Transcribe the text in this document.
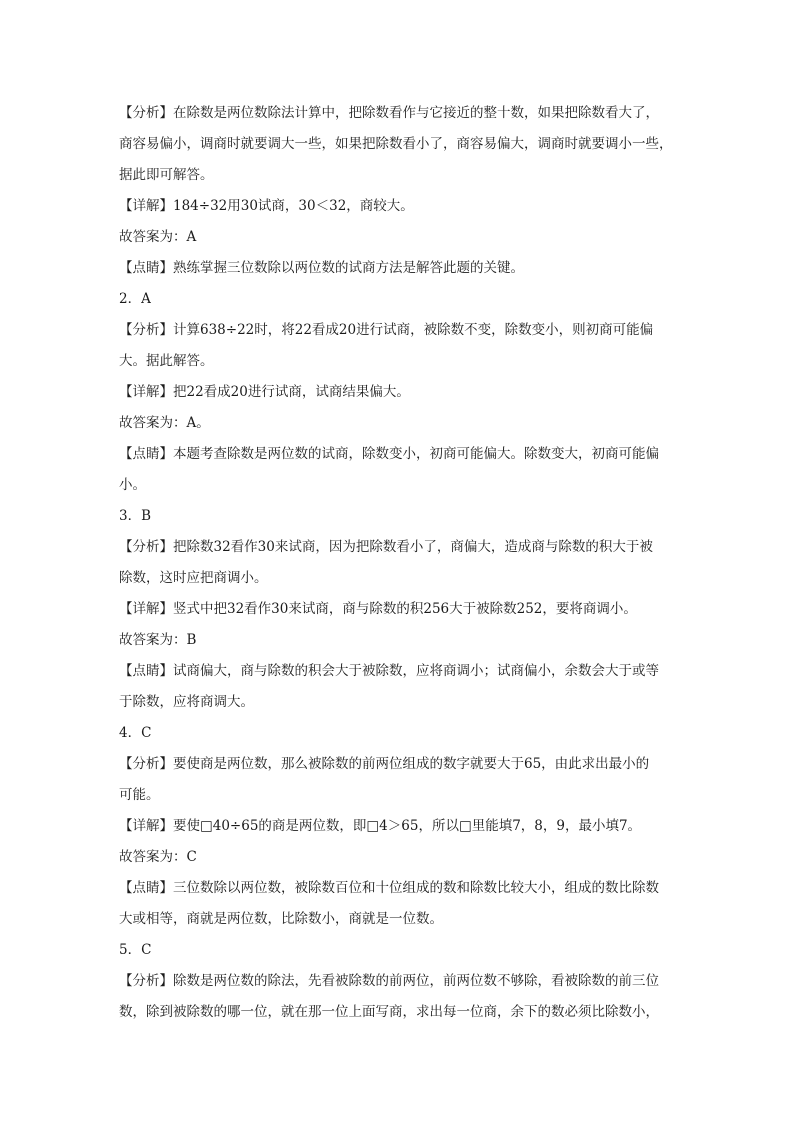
【分析】在除数是两位数除法计算中，把除数看作与它接近的整十数，如果把除数看大了，
商容易偏小，调商时就要调大一些，如果把除数看小了，商容易偏大，调商时就要调小一些，
据此即可解答。
【详解】184÷32用30试商，30＜32，商较大。
故答案为：A
【点睛】熟练掌握三位数除以两位数的试商方法是解答此题的关键。
2．A
【分析】计算638÷22时，将22看成20进行试商，被除数不变，除数变小，则初商可能偏
大。据此解答。
【详解】把22看成20进行试商，试商结果偏大。
故答案为：A。
【点睛】本题考查除数是两位数的试商，除数变小，初商可能偏大。除数变大，初商可能偏
小。
3．B
【分析】把除数32看作30来试商，因为把除数看小了，商偏大，造成商与除数的积大于被
除数，这时应把商调小。
【详解】竖式中把32看作30来试商，商与除数的积256大于被除数252，要将商调小。
故答案为：B
【点睛】试商偏大，商与除数的积会大于被除数，应将商调小；试商偏小，余数会大于或等
于除数，应将商调大。
4．C
【分析】要使商是两位数，那么被除数的前两位组成的数字就要大于65，由此求出最小的
可能。
【详解】要使□40÷65的商是两位数，即□4＞65，所以□里能填7，8，9，最小填7。
故答案为：C
【点睛】三位数除以两位数，被除数百位和十位组成的数和除数比较大小，组成的数比除数
大或相等，商就是两位数，比除数小，商就是一位数。
5．C
【分析】除数是两位数的除法，先看被除数的前两位，前两位数不够除，看被除数的前三位
数，除到被除数的哪一位，就在那一位上面写商，求出每一位商，余下的数必须比除数小，
